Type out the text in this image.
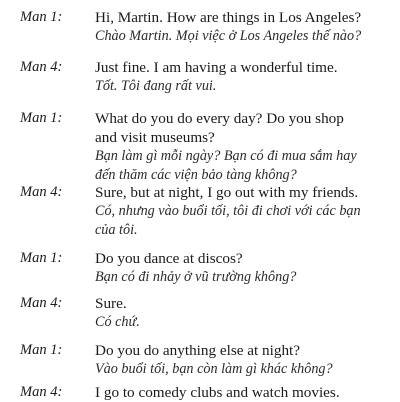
Man 1:	Hi, Martin. How are things in Los Angeles?
Chào Martin. Mọi việc ở Los Angeles thế nào?
Man 4:	Just fine. I am having a wonderful time.
Tốt. Tôi đang rất vui.
Man 1:	What do you do every day? Do you shop
and visit museums?
Bạn làm gì mỗi ngày? Bạn có đi mua sắm hay
đến thăm các viện bảo tàng không?
Man 4:	Sure, but at night, I go out with my friends.
Có, nhưng vào buổi tối, tôi đi chơi với các bạn
của tôi.
Man 1:	Do you dance at discos?
Bạn có đi nhảy ở vũ trường không?
Man 4:	Sure.
Có chứ.
Man 1:	Do you do anything else at night?
Vào buổi tối, bạn còn làm gì khác không?
Man 4:	I go to comedy clubs and watch movies.
